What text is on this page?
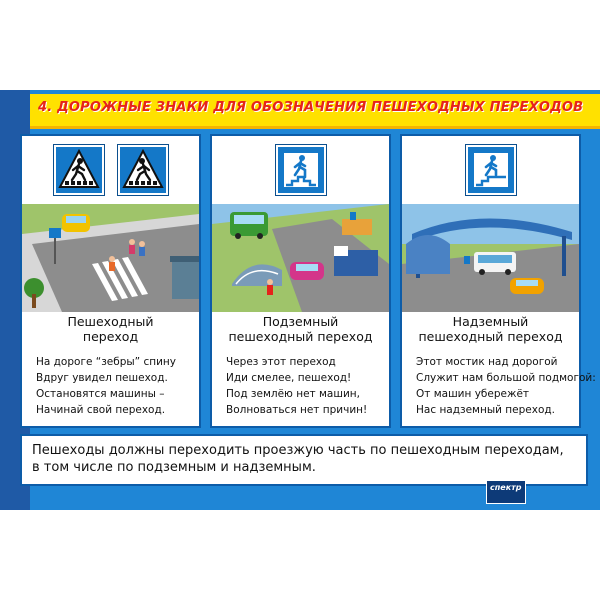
4. ДОРОЖНЫЕ ЗНАКИ ДЛЯ ОБОЗНАЧЕНИЯ ПЕШЕХОДНЫХ ПЕРЕХОДОВ
Пешеходный
переход
На дороге “зебры” спину
Вдруг увидел пешеход.
Остановятся машины –
Начинай свой переход.
Подземный
пешеходный переход
Через этот переход
Иди смелее, пешеход!
Под землёю нет машин,
Волноваться нет причин!
Надземный
пешеходный переход
Этот мостик над дорогой
Служит нам большой подмогой:
От машин убережёт
Нас надземный переход.
Пешеходы должны переходить проезжую часть по пешеходным переходам,
в том числе по подземным и надземным.
спектр
